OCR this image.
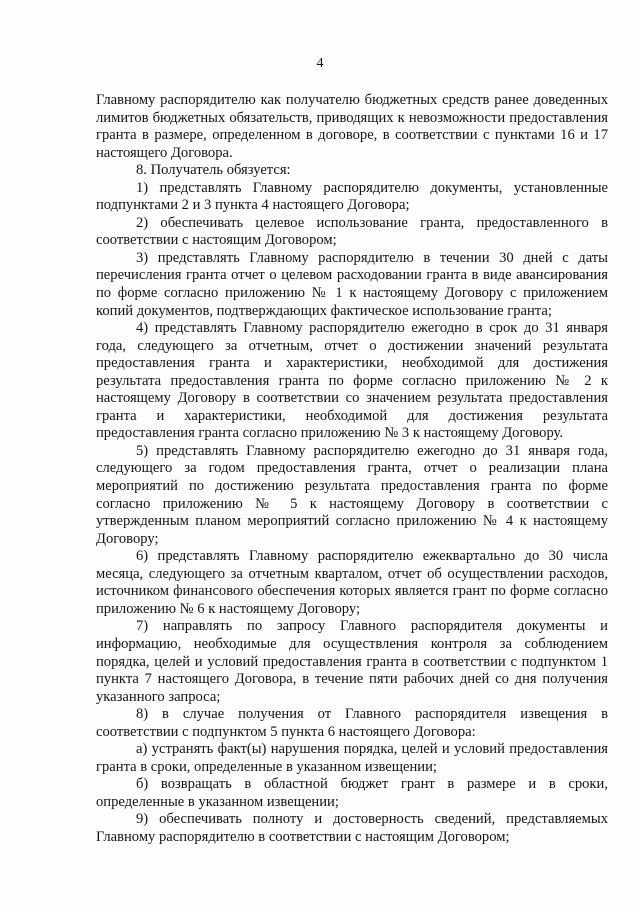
4

Главному распорядителю как получателю бюджетных средств ранее доведенных лимитов бюджетных обязательств, приводящих к невозможности предоставления гранта в размере, определенном в договоре, в соответствии с пунктами 16 и 17 настоящего Договора.

8. Получатель обязуется:

1) представлять Главному распорядителю документы, установленные подпунктами 2 и 3 пункта 4 настоящего Договора;

2) обеспечивать целевое использование гранта, предоставленного в соответствии с настоящим Договором;

3) представлять Главному распорядителю в течении 30 дней с даты перечисления гранта отчет о целевом расходовании гранта в виде авансирования по форме согласно приложению № 1 к настоящему Договору с приложением копий документов, подтверждающих фактическое использование гранта;

4) представлять Главному распорядителю ежегодно в срок до 31 января года, следующего за отчетным, отчет о достижении значений результата предоставления гранта и характеристики, необходимой для достижения результата предоставления гранта по форме согласно приложению № 2 к настоящему Договору в соответствии со значением результата предоставления гранта и характеристики, необходимой для достижения результата предоставления гранта согласно приложению № 3 к настоящему Договору.

5) представлять Главному распорядителю ежегодно до 31 января года, следующего за годом предоставления гранта, отчет о реализации плана мероприятий по достижению результата предоставления гранта по форме согласно приложению № 5 к настоящему Договору в соответствии с утвержденным планом мероприятий согласно приложению № 4 к настоящему Договору;

6) представлять Главному распорядителю ежеквартально до 30 числа месяца, следующего за отчетным кварталом, отчет об осуществлении расходов, источником финансового обеспечения которых является грант по форме согласно приложению № 6 к настоящему Договору;

7) направлять по запросу Главного распорядителя документы и информацию, необходимые для осуществления контроля за соблюдением порядка, целей и условий предоставления гранта в соответствии с подпунктом 1 пункта 7 настоящего Договора, в течение пяти рабочих дней со дня получения указанного запроса;

8) в случае получения от Главного распорядителя извещения в соответствии с подпунктом 5 пункта 6 настоящего Договора:

а) устранять факт(ы) нарушения порядка, целей и условий предоставления гранта в сроки, определенные в указанном извещении;

б) возвращать в областной бюджет грант в размере и в сроки, определенные в указанном извещении;

9) обеспечивать полноту и достоверность сведений, представляемых Главному распорядителю в соответствии с настоящим Договором;
